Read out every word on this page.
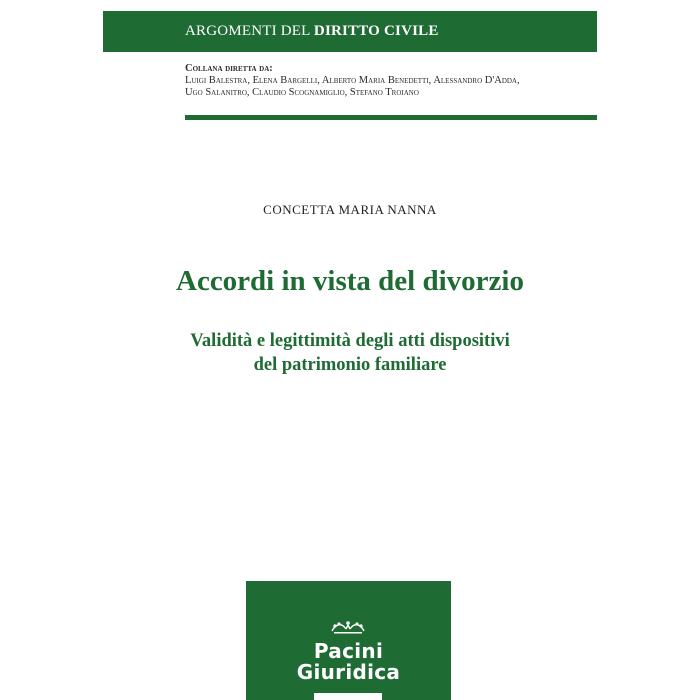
ARGOMENTI DEL DIRITTO CIVILE
Collana diretta da:
Luigi Balestra, Elena Bargelli, Alberto Maria Benedetti, Alessandro D'Adda,
Ugo Salanitro, Claudio Scognamiglio, Stefano Troiano
CONCETTA MARIA NANNA
Accordi in vista del divorzio
Validità e legittimità degli atti dispositivi
del patrimonio familiare
Pacini
Giuridica
